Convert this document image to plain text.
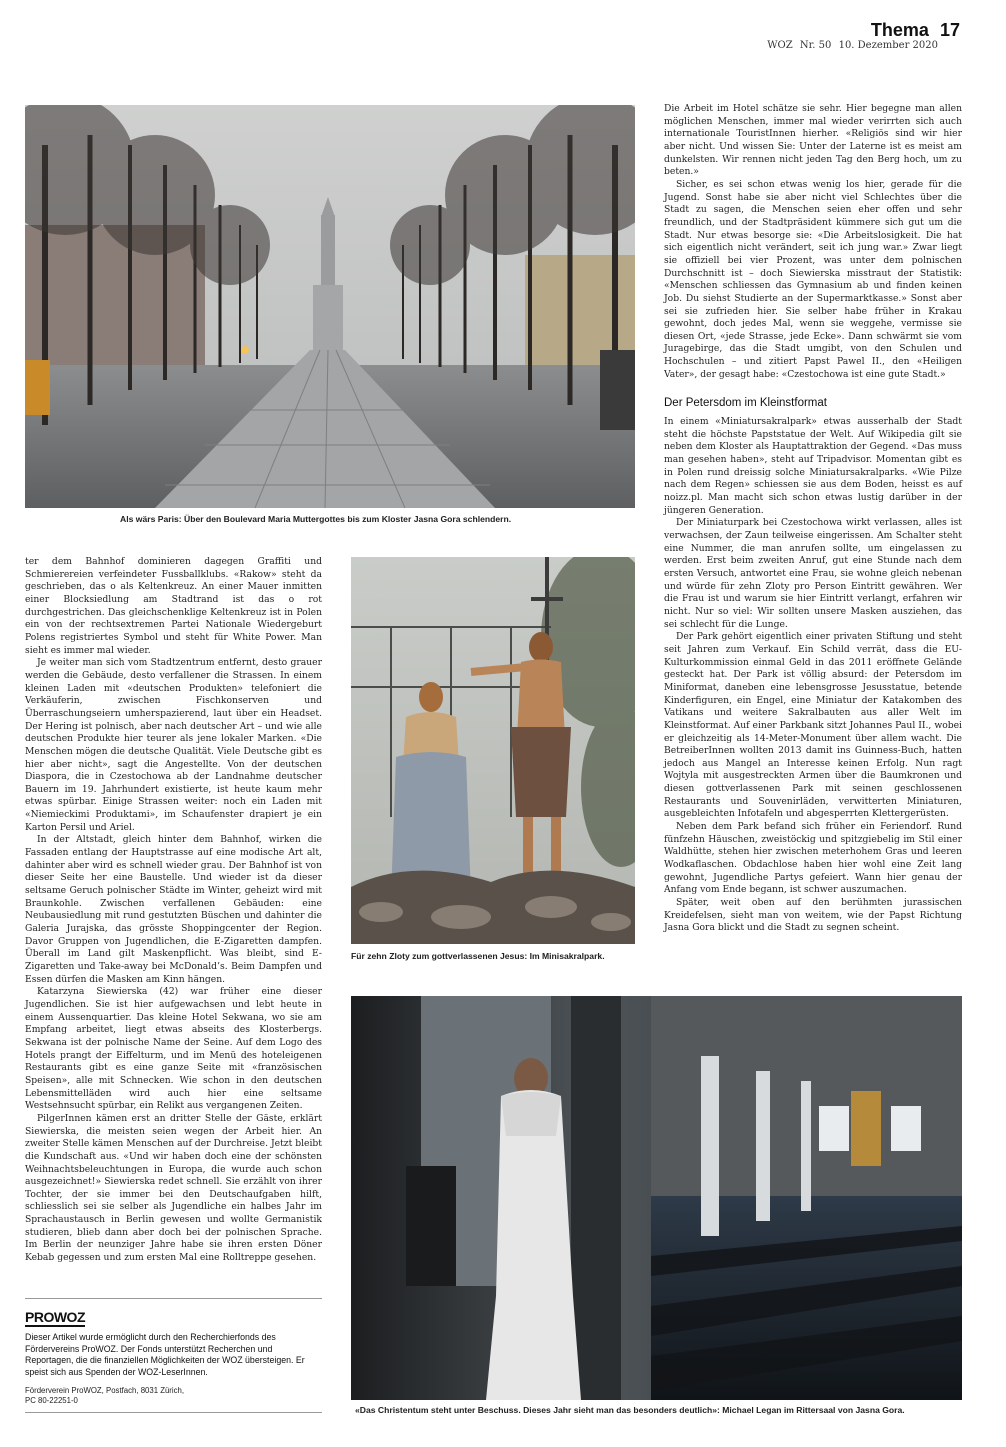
Thema 17
WOZ Nr. 50 10. Dezember 2020
Als wärs Paris: Über den Boulevard Maria Muttergottes bis zum Kloster Jasna Gora schlendern.
Für zehn Zloty zum gottverlassenen Jesus: Im Minisakralpark.
«Das Christentum steht unter Beschuss. Dieses Jahr sieht man das besonders deutlich»: Michael Legan im Rittersaal von Jasna Gora.

ter dem Bahnhof dominieren dagegen Graffiti und Schmierereien verfeindeter Fussballklubs. «Rakow» steht da geschrieben, das o als Keltenkreuz. An einer Mauer inmitten einer Blocksiedlung am Stadtrand ist das o rot durchgestrichen. Das gleichschenklige Keltenkreuz ist in Polen ein von der rechtsextremen Partei Nationale Wiedergeburt Polens registriertes Symbol und steht für White Power. Man sieht es immer mal wieder.

Je weiter man sich vom Stadtzentrum entfernt, desto grauer werden die Gebäude, desto verfallener die Strassen. In einem kleinen Laden mit «deutschen Produkten» telefoniert die Verkäuferin, zwischen Fischkonserven und Überraschungseiern umherspazierend, laut über ein Headset. Der Hering ist polnisch, aber nach deutscher Art – und wie alle deutschen Produkte hier teurer als jene lokaler Marken. «Die Menschen mögen die deutsche Qualität. Viele Deutsche gibt es hier aber nicht», sagt die Angestellte. Von der deutschen Diaspora, die in Czestochowa ab der Landnahme deutscher Bauern im 19. Jahrhundert existierte, ist heute kaum mehr etwas spürbar. Einige Strassen weiter: noch ein Laden mit «Niemieckimi Produktami», im Schaufenster drapiert je ein Karton Persil und Ariel.

In der Altstadt, gleich hinter dem Bahnhof, wirken die Fassaden entlang der Hauptstrasse auf eine modische Art alt, dahinter aber wird es schnell wieder grau. Der Bahnhof ist von dieser Seite her eine Baustelle. Und wieder ist da dieser seltsame Geruch polnischer Städte im Winter, geheizt wird mit Braunkohle. Zwischen verfallenen Gebäuden: eine Neubausiedlung mit rund gestutzten Büschen und dahinter die Galeria Jurajska, das grösste Shoppingcenter der Region. Davor Gruppen von Jugendlichen, die E-Zigaretten dampfen. Überall im Land gilt Maskenpflicht. Was bleibt, sind E-Zigaretten und Take-away bei McDonald’s. Beim Dampfen und Essen dürfen die Masken am Kinn hängen.

Katarzyna Siewierska (42) war früher eine dieser Jugendlichen. Sie ist hier aufgewachsen und lebt heute in einem Aussenquartier. Das kleine Hotel Sekwana, wo sie am Empfang arbeitet, liegt etwas abseits des Klosterbergs. Sekwana ist der polnische Name der Seine. Auf dem Logo des Hotels prangt der Eiffelturm, und im Menü des hoteleigenen Restaurants gibt es eine ganze Seite mit «französischen Speisen», alle mit Schnecken. Wie schon in den deutschen Lebensmittelläden wird auch hier eine seltsame Westsehnsucht spürbar, ein Relikt aus vergangenen Zeiten.

PilgerInnen kämen erst an dritter Stelle der Gäste, erklärt Siewierska, die meisten seien wegen der Arbeit hier. An zweiter Stelle kämen Menschen auf der Durchreise. Jetzt bleibt die Kundschaft aus. «Und wir haben doch eine der schönsten Weihnachtsbeleuchtungen in Europa, die wurde auch schon ausgezeichnet!» Siewierska redet schnell. Sie erzählt von ihrer Tochter, der sie immer bei den Deutschaufgaben hilft, schliesslich sei sie selber als Jugendliche ein halbes Jahr im Sprachaustausch in Berlin gewesen und wollte Germanistik studieren, blieb dann aber doch bei der polnischen Sprache. Im Berlin der neunziger Jahre habe sie ihren ersten Döner Kebab gegessen und zum ersten Mal eine Rolltreppe gesehen.

PROWOZ
Dieser Artikel wurde ermöglicht durch den Recherchierfonds des Fördervereins ProWOZ. Der Fonds unterstützt Recherchen und Reportagen, die die finanziellen Möglichkeiten der WOZ übersteigen. Er speist sich aus Spenden der WOZ-LeserInnen.
Förderverein ProWOZ, Postfach, 8031 Zürich,
PC 80-22251-0

Die Arbeit im Hotel schätze sie sehr. Hier begegne man allen möglichen Menschen, immer mal wieder verirrten sich auch internationale TouristInnen hierher. «Religiös sind wir hier aber nicht. Und wissen Sie: Unter der Laterne ist es meist am dunkelsten. Wir rennen nicht jeden Tag den Berg hoch, um zu beten.»

Sicher, es sei schon etwas wenig los hier, gerade für die Jugend. Sonst habe sie aber nicht viel Schlechtes über die Stadt zu sagen, die Menschen seien eher offen und sehr freundlich, und der Stadtpräsident kümmere sich gut um die Stadt. Nur etwas besorge sie: «Die Arbeitslosigkeit. Die hat sich eigentlich nicht verändert, seit ich jung war.» Zwar liegt sie offiziell bei vier Prozent, was unter dem polnischen Durchschnitt ist – doch Siewierska misstraut der Statistik: «Menschen schliessen das Gymnasium ab und finden keinen Job. Du siehst Studierte an der Supermarktkasse.» Sonst aber sei sie zufrieden hier. Sie selber habe früher in Krakau gewohnt, doch jedes Mal, wenn sie weggehe, vermisse sie diesen Ort, «jede Strasse, jede Ecke». Dann schwärmt sie vom Juragebirge, das die Stadt umgibt, von den Schulen und Hochschulen – und zitiert Papst Pawel II., den «Heiligen Vater», der gesagt habe: «Czestochowa ist eine gute Stadt.»

Der Petersdom im Kleinstformat

In einem «Miniatursakralpark» etwas ausserhalb der Stadt steht die höchste Papststatue der Welt. Auf Wikipedia gilt sie neben dem Kloster als Hauptattraktion der Gegend. «Das muss man gesehen haben», steht auf Tripadvisor. Momentan gibt es in Polen rund dreissig solche Miniatursakralparks. «Wie Pilze nach dem Regen» schiessen sie aus dem Boden, heisst es auf noizz.pl. Man macht sich schon etwas lustig darüber in der jüngeren Generation.

Der Miniaturpark bei Czestochowa wirkt verlassen, alles ist verwachsen, der Zaun teilweise eingerissen. Am Schalter steht eine Nummer, die man anrufen sollte, um eingelassen zu werden. Erst beim zweiten Anruf, gut eine Stunde nach dem ersten Versuch, antwortet eine Frau, sie wohne gleich nebenan und würde für zehn Zloty pro Person Eintritt gewähren. Wer die Frau ist und warum sie hier Eintritt verlangt, erfahren wir nicht. Nur so viel: Wir sollten unsere Masken ausziehen, das sei schlecht für die Lunge.

Der Park gehört eigentlich einer privaten Stiftung und steht seit Jahren zum Verkauf. Ein Schild verrät, dass die EU-Kulturkommission einmal Geld in das 2011 eröffnete Gelände gesteckt hat. Der Park ist völlig absurd: der Petersdom im Miniformat, daneben eine lebensgrosse Jesusstatue, betende Kinderfiguren, ein Engel, eine Miniatur der Katakomben des Vatikans und weitere Sakralbauten aus aller Welt im Kleinstformat. Auf einer Parkbank sitzt Johannes Paul II., wobei er gleichzeitig als 14-Meter-Monument über allem wacht. Die BetreiberInnen wollten 2013 damit ins Guinness-Buch, hatten jedoch aus Mangel an Interesse keinen Erfolg. Nun ragt Wojtyla mit ausgestreckten Armen über die Baumkronen und diesen gottverlassenen Park mit seinen geschlossenen Restaurants und Souvenirläden, verwitterten Miniaturen, ausgebleichten Infotafeln und abgesperrten Klettergerüsten.

Neben dem Park befand sich früher ein Feriendorf. Rund fünfzehn Häuschen, zweistöckig und spitzgiebelig im Stil einer Waldhütte, stehen hier zwischen meterhohem Gras und leeren Wodkaflaschen. Obdachlose haben hier wohl eine Zeit lang gewohnt, Jugendliche Partys gefeiert. Wann hier genau der Anfang vom Ende begann, ist schwer auszumachen.

Später, weit oben auf den berühmten jurassischen Kreidefelsen, sieht man von weitem, wie der Papst Richtung Jasna Gora blickt und die Stadt zu segnen scheint.
